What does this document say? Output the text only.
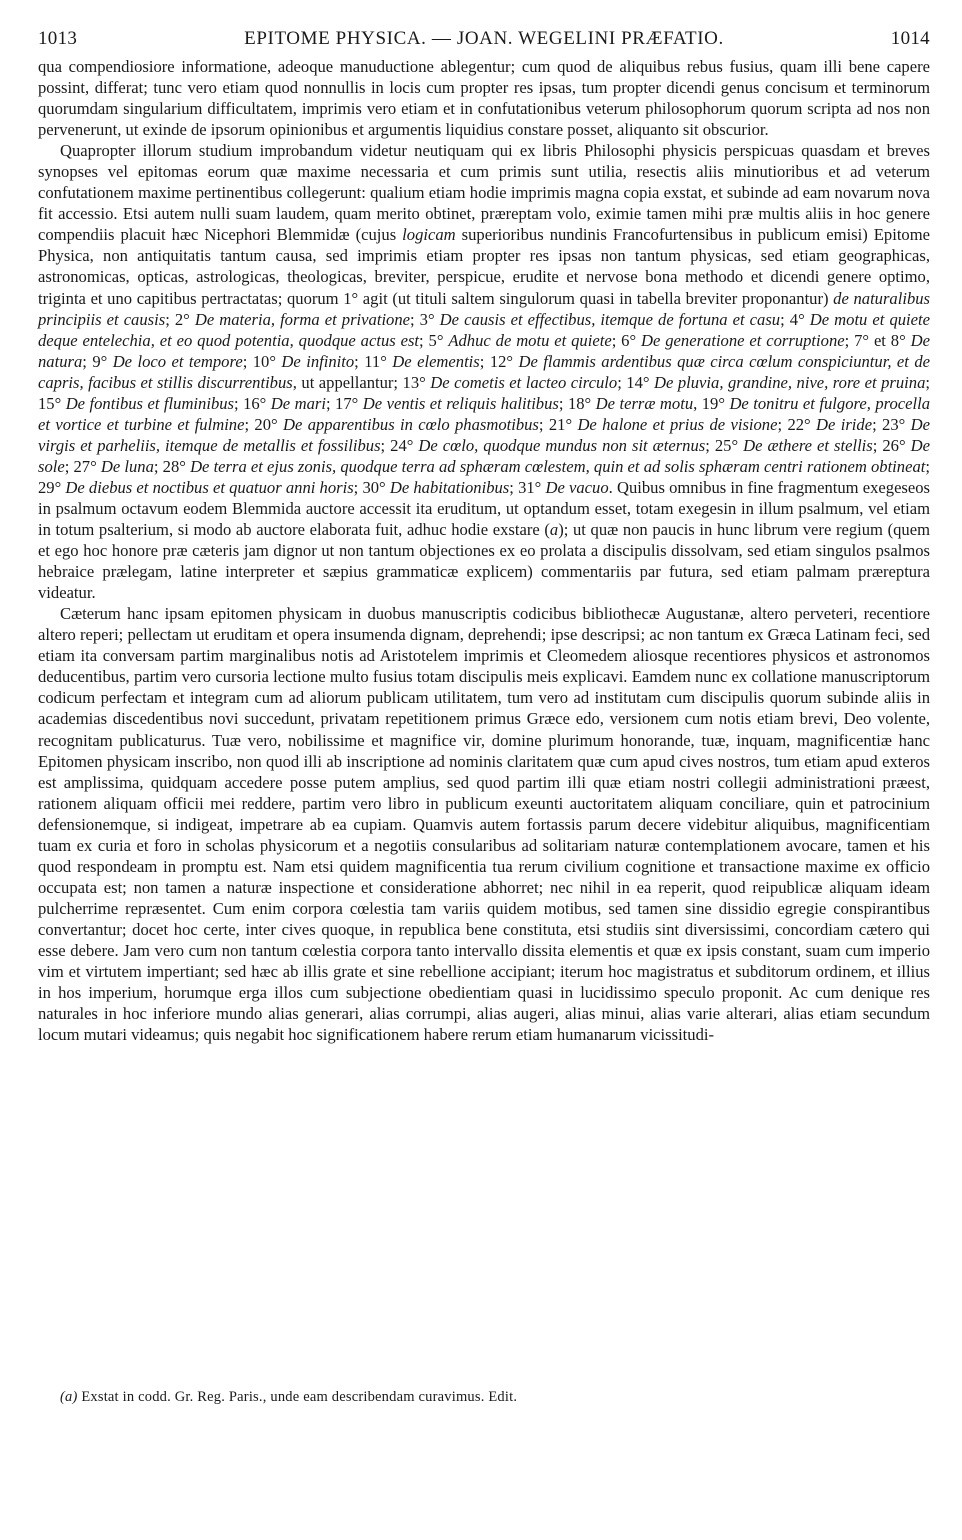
1013	EPITOME PHYSICA. — JOAN. WEGELINI PRÆFATIO.	1014

qua compendiosiore informatione, adeoque manuductione ablegentur; cum quod de aliquibus rebus fusius, quam illi bene capere possint, differat; tunc vero etiam quod nonnullis in locis cum propter res ipsas, tum propter dicendi genus concisum et terminorum quorumdam singularium difficultatem, imprimis vero etiam et in confutationibus veterum philosophorum quorum scripta ad nos non pervenerunt, ut exinde de ipsorum opinionibus et argumentis liquidius constare posset, aliquanto sit obscurior.

Quapropter illorum studium improbandum videtur neutiquam qui ex libris Philosophi physicis perspicuas quasdam et breves synopses vel epitomas eorum quæ maxime necessaria et cum primis sunt utilia, resectis aliis minutioribus et ad veterum confutationem maxime pertinentibus collegerunt: qualium etiam hodie imprimis magna copia exstat, et subinde ad eam novarum nova fit accessio. Etsi autem nulli suam laudem, quam merito obtinet, præreptam volo, eximie tamen mihi præ multis aliis in hoc genere compendiis placuit hæc Nicephori Blemmidæ (cujus logicam superioribus nundinis Francofurtensibus in publicum emisi) Epitome Physica, non antiquitatis tantum causa, sed imprimis etiam propter res ipsas non tantum physicas, sed etiam geographicas, astronomicas, opticas, astrologicas, theologicas, breviter, perspicue, erudite et nervose bona methodo et dicendi genere optimo, triginta et uno capitibus pertractatas; quorum 1° agit (ut tituli saltem singulorum quasi in tabella breviter proponantur) de naturalibus principiis et causis; 2° De materia, forma et privatione; 3° De causis et effectibus, itemque de fortuna et casu; 4° De motu et quiete deque entelechia, et eo quod potentia, quodque actus est; 5° Adhuc de motu et quiete; 6° De generatione et corruptione; 7° et 8° De natura; 9° De loco et tempore; 10° De infinito; 11° De elementis; 12° De flammis ardentibus quæ circa cœlum conspiciuntur, et de capris, facibus et stillis discurrentibus, ut appellantur; 13° De cometis et lacteo circulo; 14° De pluvia, grandine, nive, rore et pruina; 15° De fontibus et fluminibus; 16° De mari; 17° De ventis et reliquis halitibus; 18° De terræ motu, 19° De tonitru et fulgore, procella et vortice et turbine et fulmine; 20° De apparentibus in cœlo phasmotibus; 21° De halone et prius de visione; 22° De iride; 23° De virgis et parheliis, itemque de metallis et fossilibus; 24° De cœlo, quodque mundus non sit æternus; 25° De æthere et stellis; 26° De sole; 27° De luna; 28° De terra et ejus zonis, quodque terra ad sphæram cœlestem, quin et ad solis sphæram centri rationem obtineat; 29° De diebus et noctibus et quatuor anni horis; 30° De habitationibus; 31° De vacuo. Quibus omnibus in fine fragmentum exegeseos in psalmum octavum eodem Blemmida auctore accessit ita eruditum, ut optandum esset, totam exegesin in illum psalmum, vel etiam in totum psalterium, si modo ab auctore elaborata fuit, adhuc hodie exstare (a); ut quæ non paucis in hunc librum vere regium (quem et ego hoc honore præ cæteris jam dignor ut non tantum objectiones ex eo prolata a discipulis dissolvam, sed etiam singulos psalmos hebraice prælegam, latine interpreter et sæpius grammaticæ explicem) commentariis par futura, sed etiam palmam præreptura videatur.

Cæterum hanc ipsam epitomen physicam in duobus manuscriptis codicibus bibliothecæ Augustanæ, altero perveteri, recentiore altero reperi; pellectam ut eruditam et opera insumenda dignam, deprehendi; ipse descripsi; ac non tantum ex Græca Latinam feci, sed etiam ita conversam partim marginalibus notis ad Aristotelem imprimis et Cleomedem aliosque recentiores physicos et astronomos deducentibus, partim vero cursoria lectione multo fusius totam discipulis meis explicavi. Eamdem nunc ex collatione manuscriptorum codicum perfectam et integram cum ad aliorum publicam utilitatem, tum vero ad institutam cum discipulis quorum subinde aliis in academias discedentibus novi succedunt, privatam repetitionem primus Græce edo, versionem cum notis etiam brevi, Deo volente, recognitam publicaturus. Tuæ vero, nobilissime et magnifice vir, domine plurimum honorande, tuæ, inquam, magnificentiæ hanc Epitomen physicam inscribo, non quod illi ab inscriptione ad nominis claritatem quæ cum apud cives nostros, tum etiam apud exteros est amplissima, quidquam accedere posse putem amplius, sed quod partim illi quæ etiam nostri collegii administrationi præest, rationem aliquam officii mei reddere, partim vero libro in publicum exeunti auctoritatem aliquam conciliare, quin et patrocinium defensionemque, si indigeat, impetrare ab ea cupiam. Quamvis autem fortassis parum decere videbitur aliquibus, magnificentiam tuam ex curia et foro in scholas physicorum et a negotiis consularibus ad solitariam naturæ contemplationem avocare, tamen et his quod respondeam in promptu est. Nam etsi quidem magnificentia tua rerum civilium cognitione et transactione maxime ex officio occupata est; non tamen a naturæ inspectione et consideratione abhorret; nec nihil in ea reperit, quod reipublicæ aliquam ideam pulcherrime repræsentet. Cum enim corpora cœlestia tam variis quidem motibus, sed tamen sine dissidio egregie conspirantibus convertantur; docet hoc certe, inter cives quoque, in republica bene constituta, etsi studiis sint diversissimi, concordiam cætero qui esse debere. Jam vero cum non tantum cœlestia corpora tanto intervallo dissita elementis et quæ ex ipsis constant, suam cum imperio vim et virtutem impertiant; sed hæc ab illis grate et sine rebellione accipiant; iterum hoc magistratus et subditorum ordinem, et illius in hos imperium, horumque erga illos cum subjectione obedientiam quasi in lucidissimo speculo proponit. Ac cum denique res naturales in hoc inferiore mundo alias generari, alias corrumpi, alias augeri, alias minui, alias varie alterari, alias etiam secundum locum mutari videamus; quis negabit hoc significationem habere rerum etiam humanarum vicissitudi-

(a) Exstat in codd. Gr. Reg. Paris., unde eam describendam curavimus. Edit.
